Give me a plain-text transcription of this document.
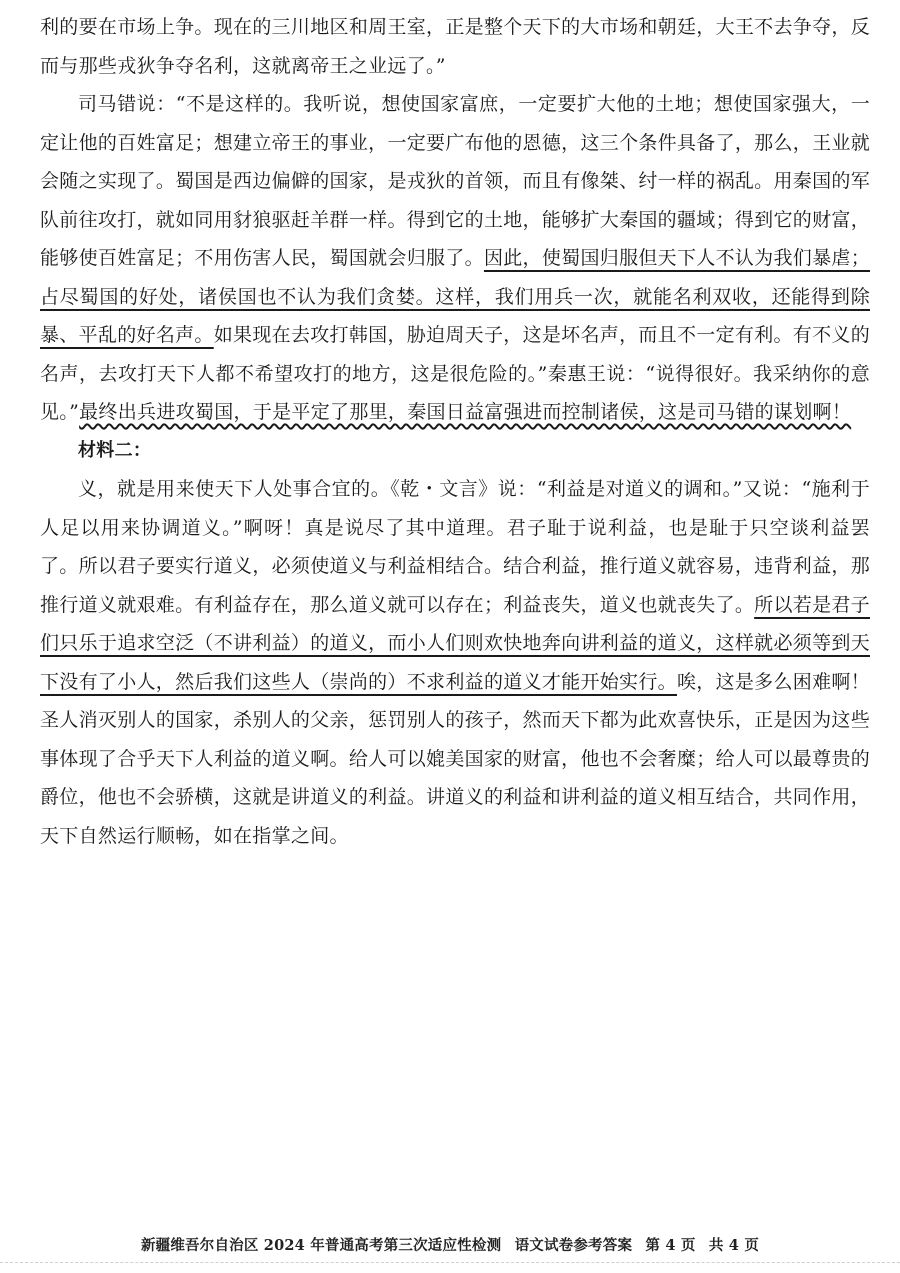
利的要在市场上争。现在的三川地区和周王室，正是整个天下的大市场和朝廷，大王不去争夺，反而与那些戎狄争夺名利，这就离帝王之业远了。”

司马错说：“不是这样的。我听说，想使国家富庶，一定要扩大他的土地；想使国家强大，一定让他的百姓富足；想建立帝王的事业，一定要广布他的恩德，这三个条件具备了，那么，王业就会随之实现了。蜀国是西边偏僻的国家，是戎狄的首领，而且有像桀、纣一样的祸乱。用秦国的军队前往攻打，就如同用豺狼驱赶羊群一样。得到它的土地，能够扩大秦国的疆域；得到它的财富，能够使百姓富足；不用伤害人民，蜀国就会归服了。因此，使蜀国归服但天下人不认为我们暴虐；占尽蜀国的好处，诸侯国也不认为我们贪婪。这样，我们用兵一次，就能名利双收，还能得到除暴、平乱的好名声。如果现在去攻打韩国，胁迫周天子，这是坏名声，而且不一定有利。有不义的名声，去攻打天下人都不希望攻打的地方，这是很危险的。”秦惠王说：“说得很好。我采纳你的意见。”最终出兵进攻蜀国，于是平定了那里，秦国日益富强进而控制诸侯，这是司马错的谋划啊！

材料二：

义，就是用来使天下人处事合宜的。《乾・文言》说：“利益是对道义的调和。”又说：“施利于人足以用来协调道义。”啊呀！真是说尽了其中道理。君子耻于说利益，也是耻于只空谈利益罢了。所以君子要实行道义，必须使道义与利益相结合。结合利益，推行道义就容易，违背利益，那推行道义就艰难。有利益存在，那么道义就可以存在；利益丧失，道义也就丧失了。所以若是君子们只乐于追求空泛（不讲利益）的道义，而小人们则欢快地奔向讲利益的道义，这样就必须等到天下没有了小人，然后我们这些人（崇尚的）不求利益的道义才能开始实行。唉，这是多么困难啊！圣人消灭别人的国家，杀别人的父亲，惩罚别人的孩子，然而天下都为此欢喜快乐，正是因为这些事体现了合乎天下人利益的道义啊。给人可以媲美国家的财富，他也不会奢糜；给人可以最尊贵的爵位，他也不会骄横，这就是讲道义的利益。讲道义的利益和讲利益的道义相互结合，共同作用，天下自然运行顺畅，如在指掌之间。

新疆维吾尔自治区 2024 年普通高考第三次适应性检测 语文试卷参考答案 第 4 页 共 4 页
